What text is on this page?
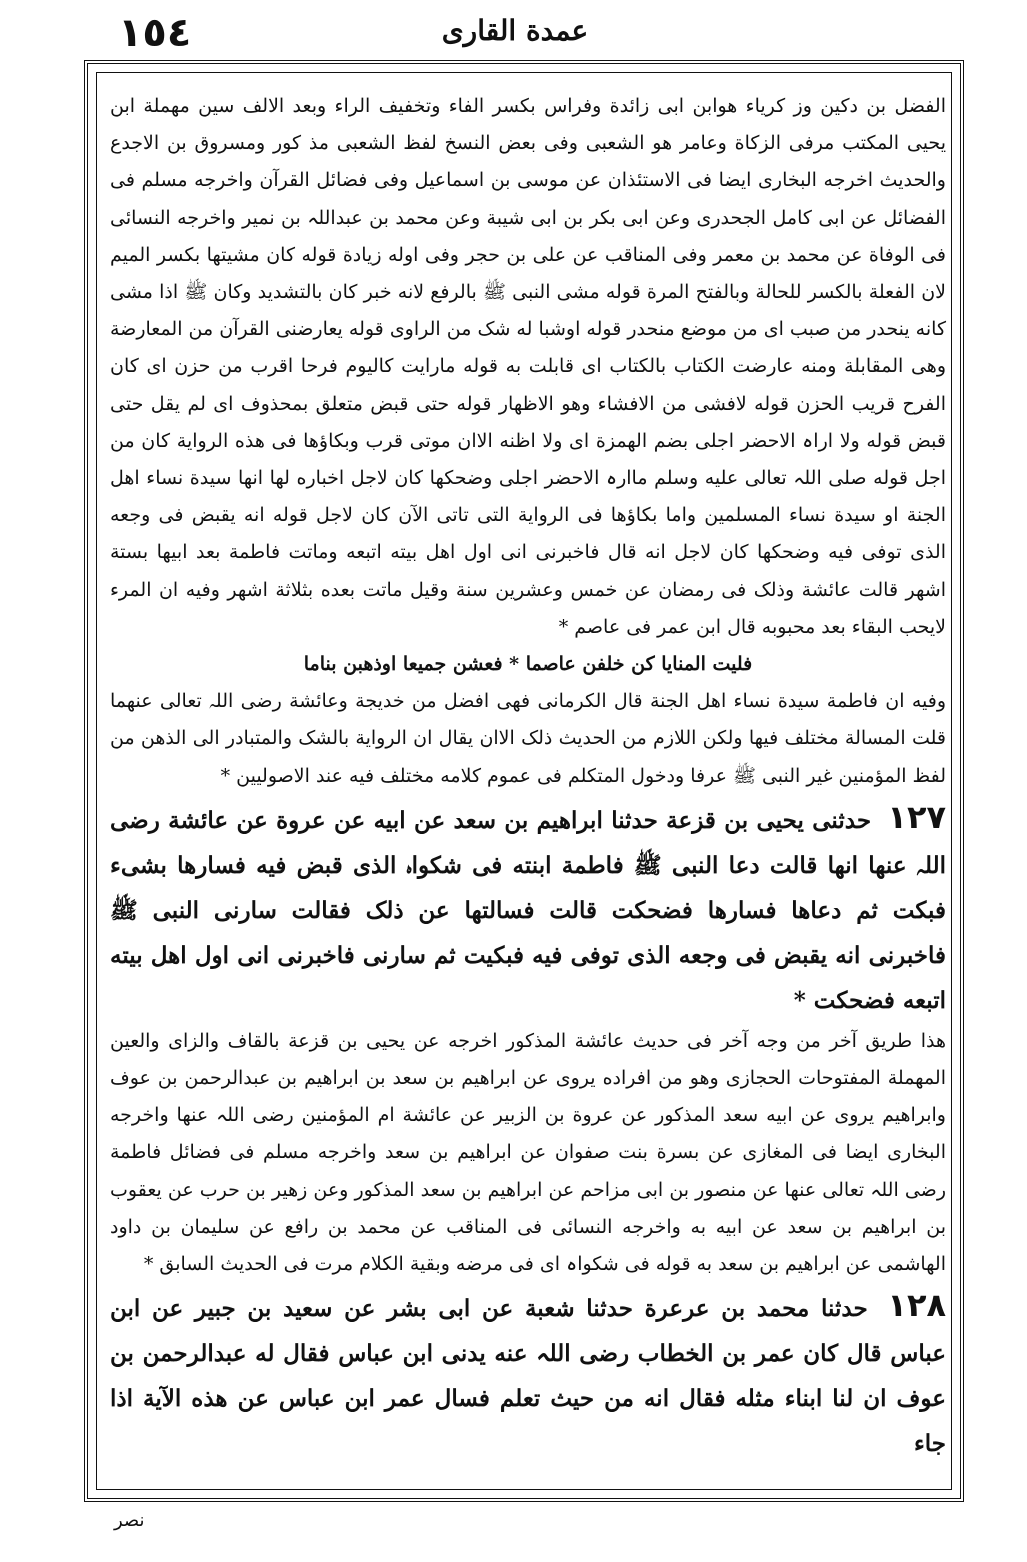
١٥٤	عمدة القاری

الفضل بن دکین وز کریاء ھوابن ابی زائدة وفراس بکسر الفاء وتخفیف الراء وبعد الالف سین مھملة ابن یحیی المکتب مرفی الزکاة وعامر ھو الشعبی وفی بعض النسخ لفظ الشعبی مذ کور ومسروق بن الاجدع والحدیث اخرجه البخاری ایضا فی الاستئذان عن موسی بن اسماعیل وفی فضائل القرآن واخرجه مسلم فی الفضائل عن ابی کامل الجحدری وعن ابی بکر بن ابی شیبة وعن محمد بن عبداللہ بن نمیر واخرجه النسائی فی الوفاة عن محمد بن معمر وفی المناقب عن علی بن حجر وفی اوله زیادة قوله کان مشیتھا بکسر المیم لان الفعلة بالکسر للحالة وبالفتح المرة قوله مشی النبی ﷺ بالرفع لانه خبر کان بالتشدید وکان ﷺ اذا مشی کانه ینحدر من صبب ای من موضع منحدر قوله اوشبا له شک من الراوی قوله یعارضنی القرآن من المعارضة وھی المقابلة ومنه عارضت الکتاب بالکتاب ای قابلت به قوله مارایت کالیوم فرحا اقرب من حزن ای کان الفرح قریب الحزن قوله لافشی من الافشاء وھو الاظھار قوله حتی قبض متعلق بمحذوف ای لم یقل حتی قبض قوله ولا اراہ الاحضر اجلی بضم الھمزة ای ولا اظنه الاان موتی قرب وبکاؤھا فی ھذه الروایة کان من اجل قوله صلی اللہ تعالی علیه وسلم ماارہ الاحضر اجلی وضحکھا کان لاجل اخباره لھا انھا سیدة نساء اھل الجنة او سیدة نساء المسلمین واما بکاؤھا فی الروایة التی تاتی الآن کان لاجل قوله انه یقبض فی وجعه الذی توفی فیه وضحکھا کان لاجل انه قال فاخبرنی انی اول اھل بیته اتبعه وماتت فاطمة بعد ابیھا بستة اشھر قالت عائشة وذلک فی رمضان عن خمس وعشرین سنة وقیل ماتت بعده بثلاثة اشھر وفیه ان المرء لایحب البقاء بعد محبوبه قال ابن عمر فی عاصم *

فلیت المنایا کن خلفن عاصما * فعشن جمیعا اوذھبن بناما

وفیه ان فاطمة سیدة نساء اھل الجنة قال الکرمانی فھی افضل من خدیجة وعائشة رضی اللہ تعالی عنھما قلت المسالة مختلف فیھا ولکن اللازم من الحدیث ذلک الاان یقال ان الروایة بالشک والمتبادر الی الذھن من لفظ المؤمنین غیر النبی ﷺ عرفا ودخول المتکلم فی عموم کلامه مختلف فیه عند الاصولیین *

١٢٧ حدثنی یحیی بن قزعة حدثنا ابراھیم بن سعد عن ابیه عن عروة عن عائشة رضی اللہ عنھا انھا قالت دعا النبی ﷺ فاطمة ابنته فی شکواہ الذی قبض فیه فسارھا بشیء فبکت ثم دعاھا فسارھا فضحکت قالت فسالتھا عن ذلک فقالت سارنی النبی ﷺ فاخبرنی انه یقبض فی وجعه الذی توفی فیه فبکیت ثم سارنی فاخبرنی انی اول اھل بیته اتبعه فضحکت *

ھذا طریق آخر من وجه آخر فی حدیث عائشة المذکور اخرجه عن یحیی بن قزعة بالقاف والزای والعین المھملة المفتوحات الحجازی وھو من افراده یروی عن ابراھیم بن سعد بن ابراھیم بن عبدالرحمن بن عوف وابراھیم یروی عن ابیه سعد المذکور عن عروة بن الزبیر عن عائشة ام المؤمنین رضی اللہ عنھا واخرجه البخاری ایضا فی المغازی عن بسرة بنت صفوان عن ابراھیم بن سعد واخرجه مسلم فی فضائل فاطمة رضی اللہ تعالی عنھا عن منصور بن ابی مزاحم عن ابراھیم بن سعد المذکور وعن زھیر بن حرب عن یعقوب بن ابراھیم بن سعد عن ابیه به واخرجه النسائی فی المناقب عن محمد بن رافع عن سلیمان بن داود الھاشمی عن ابراھیم بن سعد به قوله فی شکواہ ای فی مرضه وبقیة الکلام مرت فی الحدیث السابق *

١٢٨ حدثنا محمد بن عرعرة حدثنا شعبة عن ابی بشر عن سعید بن جبیر عن ابن عباس قال کان عمر بن الخطاب رضی اللہ عنه یدنی ابن عباس فقال له عبدالرحمن بن عوف ان لنا ابناء مثله فقال انه من حیث تعلم فسال عمر ابن عباس عن ھذه الآیة اذا جاء

نصر
